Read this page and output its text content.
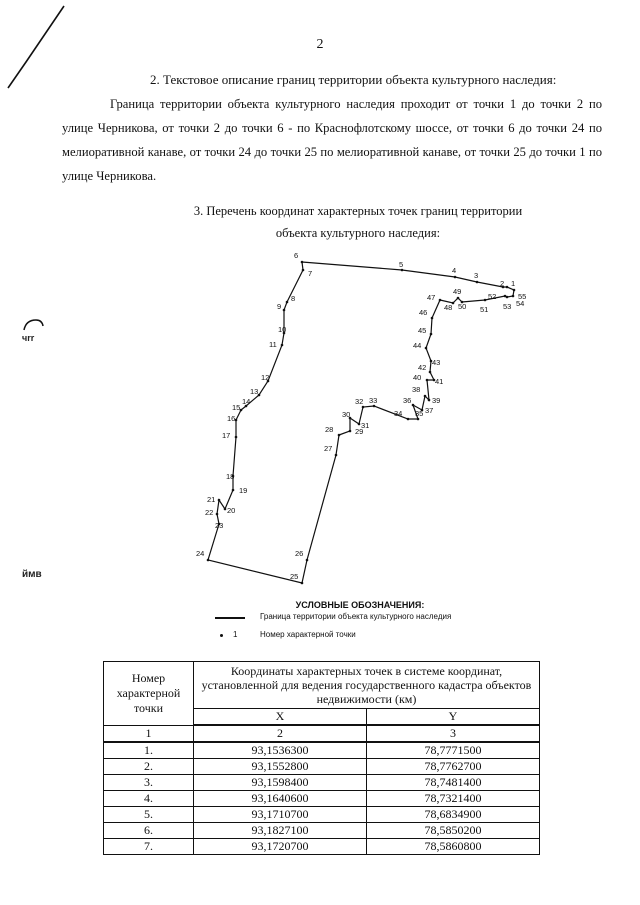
чrr
ймв
2
2. Текстовое описание границ территории объекта культурного наследия:

Граница территории объекта культурного наследия проходит от точки 1 до точки 2 по улице Черникова, от точки 2 до точки 6 - по Краснофлотскому шоссе, от точки 6 до точки 24 по мелиоративной канаве, от точки 24 до точки 25 по мелиоративной канаве, от точки 25 до точки 1 по улице Черникова.

3. Перечень координат характерных точек границ территории
объекта культурного наследия:
1
2
3
4
5
6
7
8
9
10
11
12
13
14
15
16
17
18
19
20
21
22
23
24
25
26
27
28	29
30
31
32 33
34 35
36
37
38
39
40 41
42
43
44
45
46
47
48
49
50 51
52
53 54
55
УСЛОВНЫЕ ОБОЗНАЧЕНИЯ:
Граница территории объекта культурного наследия
1	Номер характерной точки
Номер характерной точки	Координаты характерных точек в системе координат, установленной для ведения государственного кадастра объектов недвижимости (км)	
	X	Y
1	2	3
1.	93,1536300	78,7771500
2.	93,1552800	78,7762700
3.	93,1598400	78,7481400
4.	93,1640600	78,7321400
5.	93,1710700	78,6834900
6.	93,1827100	78,5850200
7.	93,1720700	78,5860800
